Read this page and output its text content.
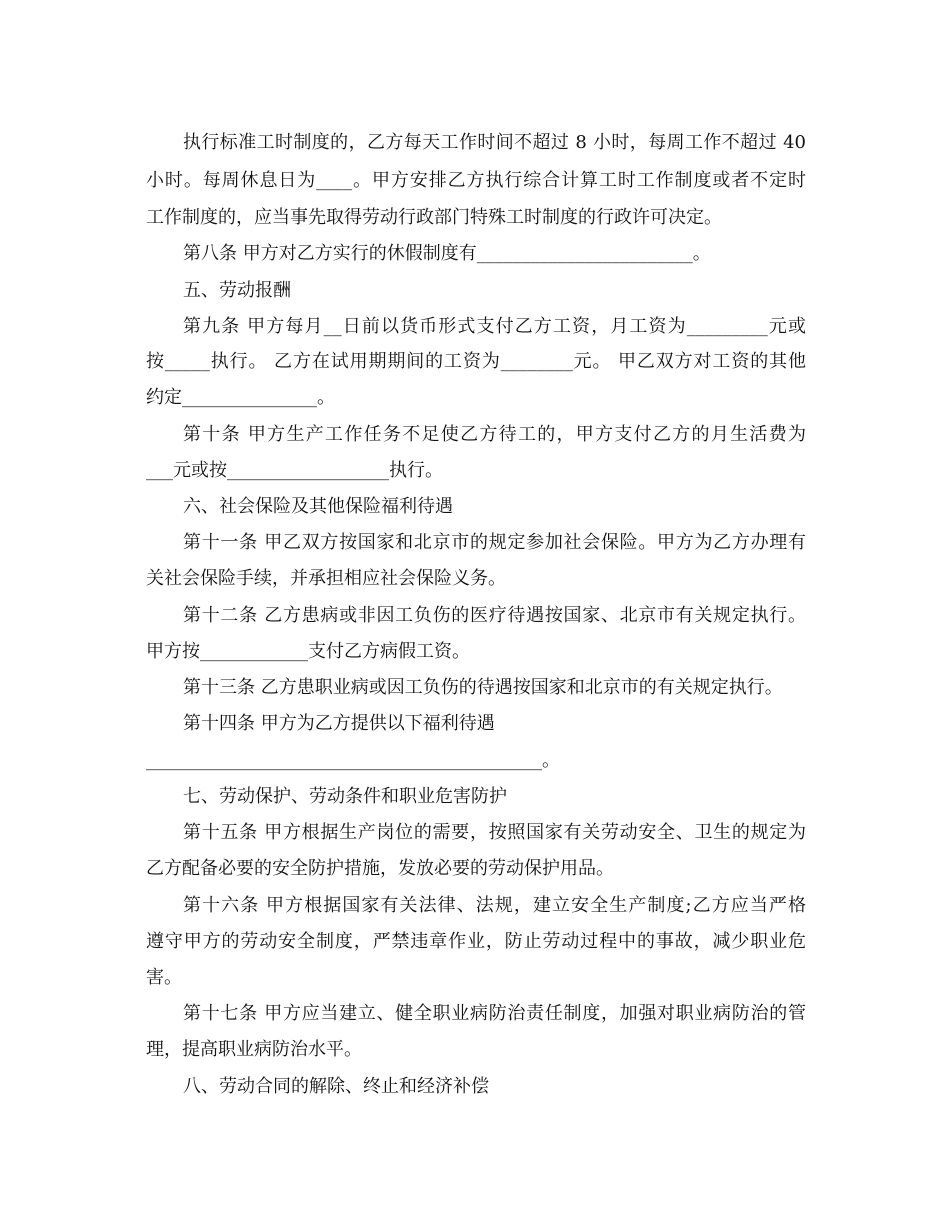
执行标准工时制度的，乙方每天工作时间不超过 8 小时，每周工作不超过 40
小时。每周休息日为____。甲方安排乙方执行综合计算工时工作制度或者不定时
工作制度的，应当事先取得劳动行政部门特殊工时制度的行政许可决定。
第八条 甲方对乙方实行的休假制度有________________________。
五、劳动报酬
第九条 甲方每月__日前以货币形式支付乙方工资，月工资为_________元或
按_____执行。 乙方在试用期期间的工资为________元。 甲乙双方对工资的其他
约定_______________。
第十条 甲方生产工作任务不足使乙方待工的，甲方支付乙方的月生活费为
___元或按__________________执行。
六、社会保险及其他保险福利待遇
第十一条 甲乙双方按国家和北京市的规定参加社会保险。甲方为乙方办理有
关社会保险手续，并承担相应社会保险义务。
第十二条 乙方患病或非因工负伤的医疗待遇按国家、北京市有关规定执行。
甲方按____________支付乙方病假工资。
第十三条 乙方患职业病或因工负伤的待遇按国家和北京市的有关规定执行。
第十四条 甲方为乙方提供以下福利待遇
____________________________________________。
七、劳动保护、劳动条件和职业危害防护
第十五条 甲方根据生产岗位的需要，按照国家有关劳动安全、卫生的规定为
乙方配备必要的安全防护措施，发放必要的劳动保护用品。
第十六条 甲方根据国家有关法律、法规，建立安全生产制度;乙方应当严格
遵守甲方的劳动安全制度，严禁违章作业，防止劳动过程中的事故，减少职业危
害。
第十七条 甲方应当建立、健全职业病防治责任制度，加强对职业病防治的管
理，提高职业病防治水平。
八、劳动合同的解除、终止和经济补偿
